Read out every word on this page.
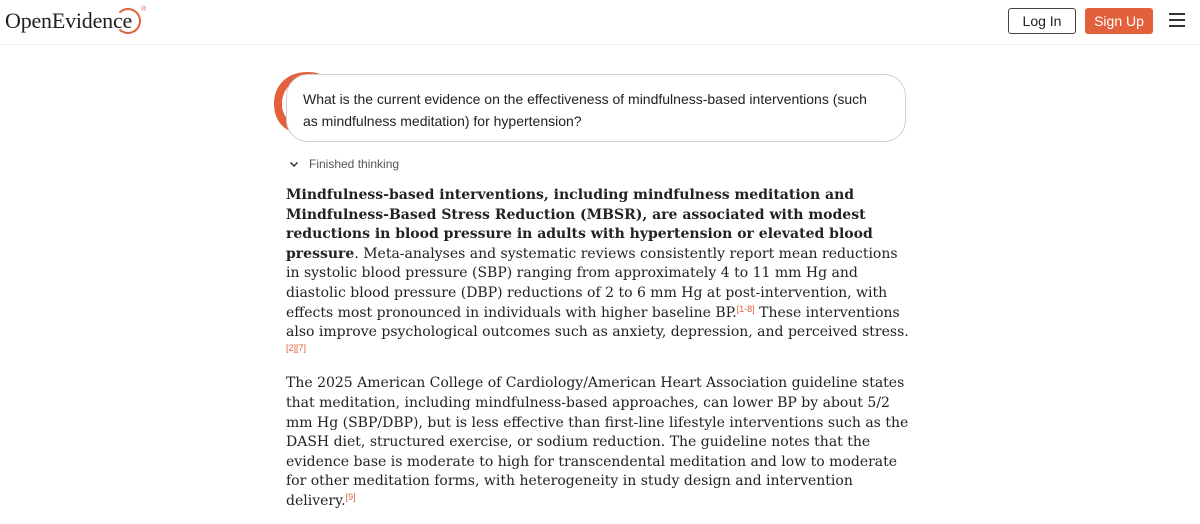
OpenEvidence ®
Log In	Sign Up
What is the current evidence on the effectiveness of mindfulness-based interventions (such as mindfulness meditation) for hypertension?
Finished thinking

Mindfulness-based interventions, including mindfulness meditation and Mindfulness-Based Stress Reduction (MBSR), are associated with modest reductions in blood pressure in adults with hypertension or elevated blood pressure. Meta-analyses and systematic reviews consistently report mean reductions in systolic blood pressure (SBP) ranging from approximately 4 to 11 mm Hg and diastolic blood pressure (DBP) reductions of 2 to 6 mm Hg at post-intervention, with effects most pronounced in individuals with higher baseline BP.[1-8] These interventions also improve psychological outcomes such as anxiety, depression, and perceived stress.[2][7]

The 2025 American College of Cardiology/American Heart Association guideline states that meditation, including mindfulness-based approaches, can lower BP by about 5/2 mm Hg (SBP/DBP), but is less effective than first-line lifestyle interventions such as the DASH diet, structured exercise, or sodium reduction. The guideline notes that the evidence base is moderate to high for transcendental meditation and low to moderate for other meditation forms, with heterogeneity in study design and intervention delivery.[9]
